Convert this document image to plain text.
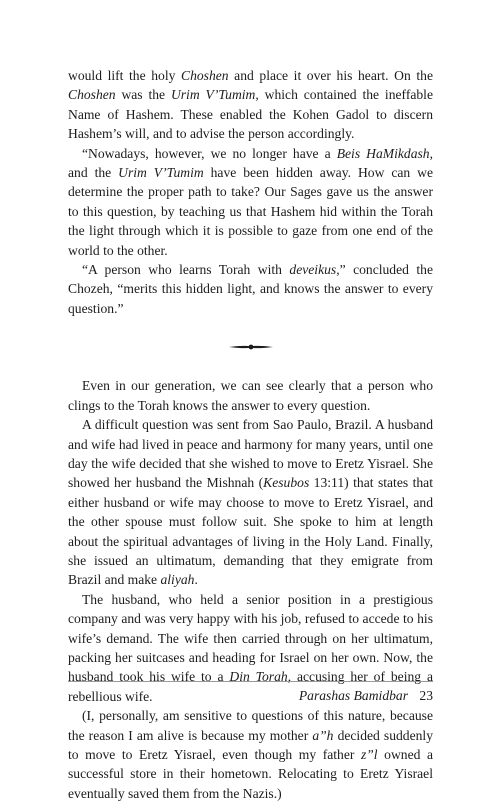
would lift the holy Choshen and place it over his heart. On the Choshen was the Urim V’Tumim, which contained the ineffable Name of Hashem. These enabled the Kohen Gadol to discern Hashem’s will, and to advise the person accordingly.

“Nowadays, however, we no longer have a Beis HaMikdash, and the Urim V’Tumim have been hidden away. How can we determine the proper path to take? Our Sages gave us the answer to this question, by teaching us that Hashem hid within the Torah the light through which it is possible to gaze from one end of the world to the other.

“A person who learns Torah with deveikus,” concluded the Chozeh, “merits this hidden light, and knows the answer to every question.”

Even in our generation, we can see clearly that a person who clings to the Torah knows the answer to every question.

A difficult question was sent from Sao Paulo, Brazil. A husband and wife had lived in peace and harmony for many years, until one day the wife decided that she wished to move to Eretz Yisrael. She showed her husband the Mishnah (Kesubos 13:11) that states that either husband or wife may choose to move to Eretz Yisrael, and the other spouse must follow suit. She spoke to him at length about the spiritual advantages of living in the Holy Land. Finally, she issued an ultimatum, demanding that they emigrate from Brazil and make aliyah.

The husband, who held a senior position in a prestigious company and was very happy with his job, refused to accede to his wife’s demand. The wife then carried through on her ultimatum, packing her suitcases and heading for Israel on her own. Now, the husband took his wife to a Din Torah, accusing her of being a rebellious wife.

(I, personally, am sensitive to questions of this nature, because the reason I am alive is because my mother a”h decided suddenly to move to Eretz Yisrael, even though my father z”l owned a successful store in their hometown. Relocating to Eretz Yisrael eventually saved them from the Nazis.)

Parashas Bamidbar 23
